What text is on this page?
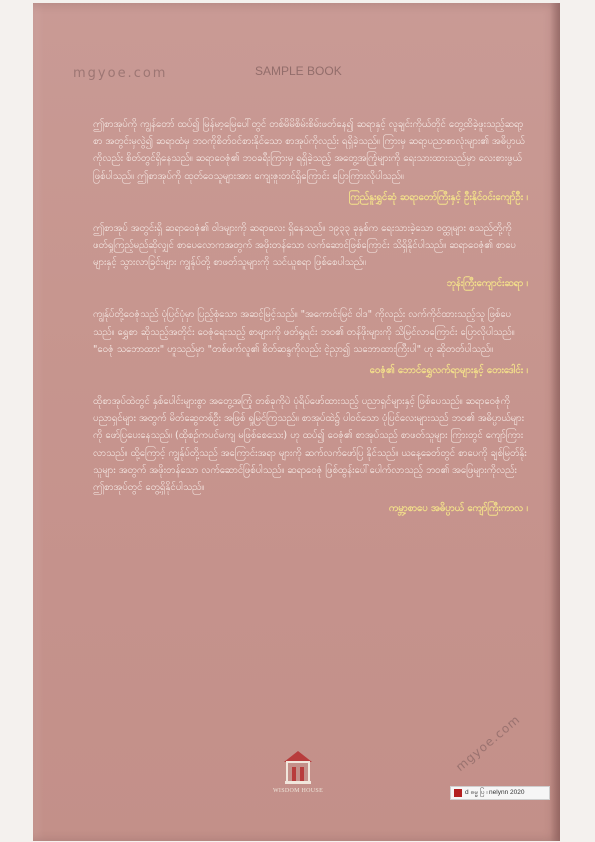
mgyoe.com	SAMPLE BOOK

ဤစာအုပ်ကို ကျွန်တော် ထပ်၍ မြန်မာ့မြေပေါ်တွင် တစ်မိမိစိမ်းစိမ်းဖတ်နေ၍ ဆရာနှင့် လူချင်းကိုယ်တိုင် တွေ့ထိခဲ့ဖူးသည့်ဆရာ့စာ အတွင်းမှလွဲ၍ ဆရာထံမှ ဘဝကိုစိတ်ဝင်စားနိုင်သော စာအုပ်ကိုလည်း ရရှိခဲ့သည်။ ကြားမှ ဆရာ့ပညာစာလုံးများ၏ အဓိပ္ပာယ်ကိုလည်း စိတ်တွင်ရှိနေသည်။ ဆရာဝေဇုံ၏ ဘဝခရီးကြားမှ ရရှိခဲ့သည့် အတွေ့အကြုံများကို ရေးသားထားသည်မှာ လေးစားဖွယ်ဖြစ်ပါသည်။ ဤစာအုပ်ကို ထုတ်ဝေသူများအား ကျေးဇူးတင်ရှိကြောင်း ပြောကြားလိုပါသည်။

ကြည်နူးရွှင်ဆုံ ဆရာတော်ကြီးနှင့် ဦးနိုင်ဝင်းကျော်ဦး ၊

ဤစာအုပ် အတွင်းရှိ ဆရာဝေဇုံ၏ ဝါဒများကို ဆရာလေး ရှိနေသည်။ ၁၉၃၃ ခုနှစ်က ရေးသားခဲ့သော ဝတ္ထုများ စသည်တို့ကို ဖတ်ရှုကြည့်မည်ဆိုလျှင် စာပေလောကအတွက် အဖိုးတန်သော လက်ဆောင်ဖြစ်ကြောင်း သိရှိနိုင်ပါသည်။ ဆရာဝေဇုံ၏ စာပေများနှင့် သွားလာခြင်းများ ကျွန်ုပ်တို့ စာဖတ်သူများကို သင်ယူစရာ ဖြစ်စေပါသည်။

ဘုန်းကြီးကျောင်းဆရာ ၊

ကျွန်ုပ်တို့ဝေဇုံသည် ပုံပြင်ပုံမှာ ပြည့်စုံသော အဆင့်မြင့်သည်။ "အကောင်းမြင် ဝါဒ" ကိုလည်း လက်ကိုင်ထားသည့်သူ ဖြစ်ပေသည်။ ရွှေစာ ဆိုသည့်အတိုင်း ဝေဇုံရေးသည့် စာများကို ဖတ်ရှုရင်း ဘဝ၏ တန်ဖိုးများကို သိမြင်လာကြောင်း ပြောလိုပါသည်။ "ဝေဇုံ သဘောထား" ဟူသည်မှာ "တစ်ဖက်လူ၏ စိတ်ဆန္ဒကိုလည်း ငဲ့ညှာ၍ သဘောထားကြီးပါ" ဟု ဆိုတတ်ပါသည်။

ဝေဇုံ၏ ဘောင်ရွှေလက်ရာများနှင့် တေးဒေါင်း ၊

ထိုစာအုပ်ထဲတွင် နှစ်ပေါင်းများစွာ အတွေ့အကြုံ တစ်ခုကိုပဲ ပုံရိပ်ဖော်ထားသည့် ပညာရှင်များနှင့် ဖြစ်ပေသည်။ ဆရာဝေဇုံကို ပညာရှင်များ အတွက် မိတ်ဆွေတစ်ဦး အဖြစ် ရှုမြင်ကြသည်။ စာအုပ်ထဲ၌ ပါဝင်သော ပုံပြင်လေးများသည် ဘဝ၏ အဓိပ္ပာယ်များကို ဖော်ပြပေးနေသည်။ (ထိုစဉ်ကပင်မကျ မဖြစ်စေသေး) ဟု ထပ်၍ ဝေဇုံ၏ စာအုပ်သည် စာဖတ်သူများ ကြားတွင် ကျော်ကြားလာသည်။ ထို့ကြောင့် ကျွန်ုပ်တို့သည် အကြောင်းအရာ များကို ဆက်လက်ဖော်ပြ နိုင်သည်။ ယနေ့ခေတ်တွင် စာပေကို ချစ်မြတ်နိုးသူများ အတွက် အဖိုးတန်သော လက်ဆောင်ဖြစ်ပါသည်။ ဆရာဝေဇုံ ဖြစ်ထွန်းပေါ်ပေါက်လာသည့် ဘဝ၏ အဖြေများကိုလည်း ဤစာအုပ်တွင် တွေ့ရှိနိုင်ပါသည်။

ကမ္ဘာ့စာပေ အဓိပ္ပာယ် ကျော်ကြီးကာလ ၊

WISDOM HOUSE	d ဓမ္မ ပြ ၊ nelynn 2020
mgyoe.com
